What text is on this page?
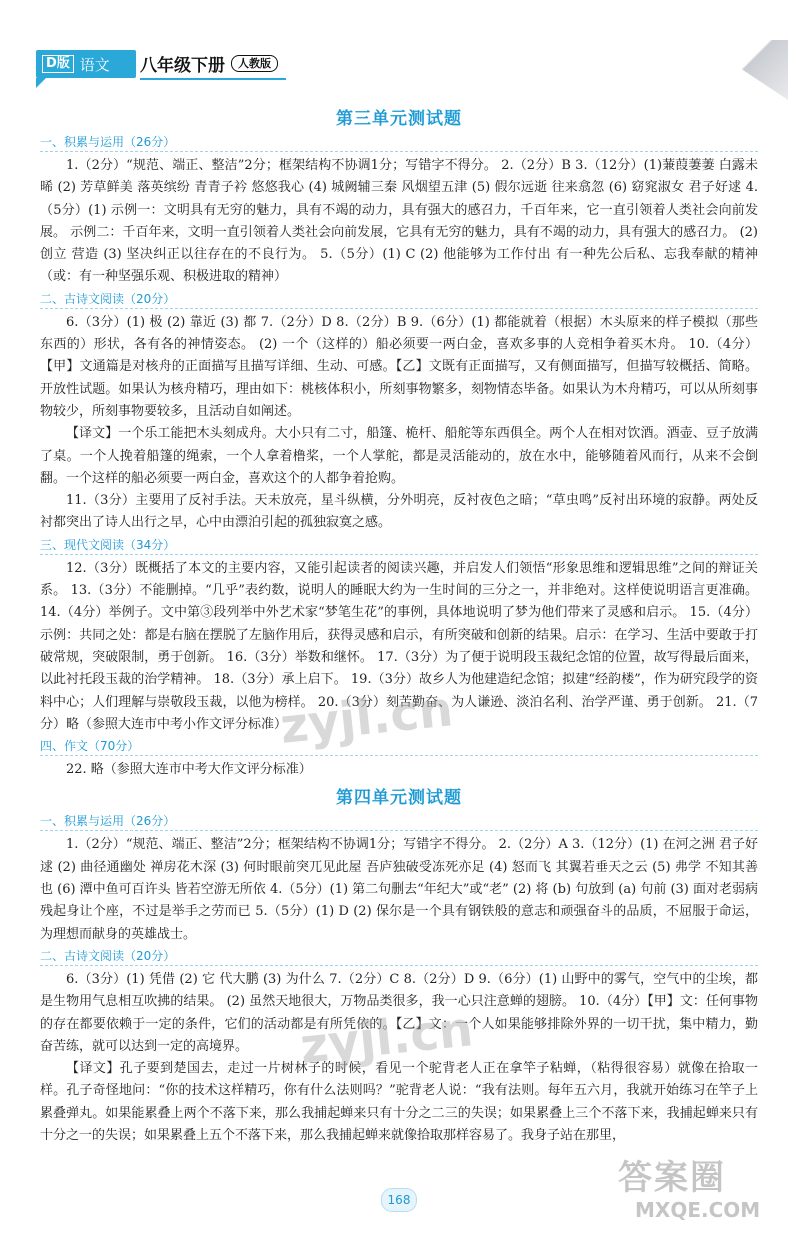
D版 语文 八年级下册	人教版
第三单元测试题
一、积累与运用（26分）

1.（2分）“规范、端正、整洁”2分；框架结构不协调1分；写错字不得分。 2.（2分）B 3.（12分）(1)蒹葭萋萋 白露未晞 (2) 芳草鲜美 落英缤纷 青青子衿 悠悠我心 (4) 城阙辅三秦 风烟望五津 (5) 假尔远逝 往来翕忽 (6) 窈窕淑女 君子好逑 4.（5分）(1) 示例一：文明具有无穷的魅力，具有不竭的动力，具有强大的感召力，千百年来，它一直引领着人类社会向前发展。 示例二：千百年来，文明一直引领着人类社会向前发展，它具有无穷的魅力，具有不竭的动力，具有强大的感召力。 (2) 创立 营造 (3) 坚决纠正以往存在的不良行为。 5.（5分）(1) C (2) 他能够为工作付出 有一种先公后私、忘我奉献的精神（或：有一种坚强乐观、积极进取的精神）

二、古诗文阅读（20分）

6.（3分）(1) 极 (2) 靠近 (3) 都 7.（2分）D 8.（2分）B 9.（6分）(1) 都能就着（根据）木头原来的样子模拟（那些东西的）形状，各有各的神情姿态。 (2) 一个（这样的）船必须要一两白金，喜欢多事的人竞相争着买木舟。 10.（4分）【甲】文通篇是对核舟的正面描写且描写详细、生动、可感。【乙】文既有正面描写，又有侧面描写，但描写较概括、简略。开放性试题。如果认为核舟精巧，理由如下：桃核体积小，所刻事物繁多，刻物情态毕备。如果认为木舟精巧，可以从所刻事物较少，所刻事物要较多，且活动自如阐述。

【译文】一个乐工能把木头刻成舟。大小只有二寸，船篷、桅杆、船舵等东西俱全。两个人在相对饮酒。酒壶、豆子放满了桌。一个人挽着船篷的绳索，一个人拿着橹桨，一个人掌舵，都是灵活能动的，放在水中，能够随着风而行，从来不会倒翻。一个这样的船必须要一两白金，喜欢这个的人都争着抢购。

11.（3分）主要用了反衬手法。天未放亮，星斗纵横，分外明亮，反衬夜色之暗；“草虫鸣”反衬出环境的寂静。两处反衬都突出了诗人出行之早，心中由漂泊引起的孤独寂寞之感。

三、现代文阅读（34分）

12.（3分）既概括了本文的主要内容，又能引起读者的阅读兴趣，并启发人们领悟“形象思维和逻辑思维”之间的辩证关系。 13.（3分）不能删掉。“几乎”表约数，说明人的睡眠大约为一生时间的三分之一，并非绝对。这样使说明语言更准确。 14.（4分）举例子。文中第③段列举中外艺术家“梦笔生花”的事例，具体地说明了梦为他们带来了灵感和启示。 15.（4分）示例：共同之处：都是右脑在摆脱了左脑作用后，获得灵感和启示，有所突破和创新的结果。启示：在学习、生活中要敢于打破常规，突破限制，勇于创新。 16.（3分）举数和继怀。 17.（3分）为了便于说明段玉裁纪念馆的位置，故写得最后面来，以此衬托段玉裁的治学精神。 18.（3分）承上启下。 19.（3分）故乡人为他建造纪念馆；拟建“经韵楼”，作为研究段学的资料中心；人们理解与崇敬段玉裁，以他为榜样。 20.（3分）刻苦勤奋、为人谦逊、淡泊名利、治学严谨、勇于创新。 21.（7分）略（参照大连市中考小作文评分标准）

四、作文（70分）

22. 略（参照大连市中考大作文评分标准）

第四单元测试题
一、积累与运用（26分）

1.（2分）“规范、端正、整洁”2分；框架结构不协调1分；写错字不得分。 2.（2分）A 3.（12分）(1) 在河之洲 君子好逑 (2) 曲径通幽处 禅房花木深 (3) 何时眼前突兀见此屋 吾庐独破受冻死亦足 (4) 怒而飞 其翼若垂天之云 (5) 弗学 不知其善也 (6) 潭中鱼可百许头 皆若空游无所依 4.（5分）(1) 第二句删去“年纪大”或“老” (2) 将 (b) 句放到 (a) 句前 (3) 面对老弱病残起身让个座，不过是举手之劳而已 5.（5分）(1) D (2) 保尔是一个具有钢铁般的意志和顽强奋斗的品质，不屈服于命运，为理想而献身的英雄战士。

二、古诗文阅读（20分）

6.（3分）(1) 凭借 (2) 它 代大鹏 (3) 为什么 7.（2分）C 8.（2分）D 9.（6分）(1) 山野中的雾气，空气中的尘埃，都是生物用气息相互吹拂的结果。 (2) 虽然天地很大，万物品类很多，我一心只注意蝉的翅膀。 10.（4分）【甲】文：任何事物的存在都要依赖于一定的条件，它们的活动都是有所凭依的。【乙】文：一个人如果能够排除外界的一切干扰，集中精力，勤奋苦练，就可以达到一定的高境界。

【译文】孔子要到楚国去，走过一片树林子的时候，看见一个驼背老人正在拿竿子粘蝉，（粘得很容易）就像在拾取一样。孔子奇怪地问：“你的技术这样精巧，你有什么法则吗？”驼背老人说：“我有法则。每年五六月，我就开始练习在竿子上累叠弹丸。如果能累叠上两个不落下来，那么我捕起蝉来只有十分之二三的失误；如果累叠上三个不落下来，我捕起蝉来只有十分之一的失误；如果累叠上五个不落下来，那么我捕起蝉来就像拾取那样容易了。我身子站在那里，

168
zyjl.cn
zyjl.cn
答案圈
MXQE.COM
